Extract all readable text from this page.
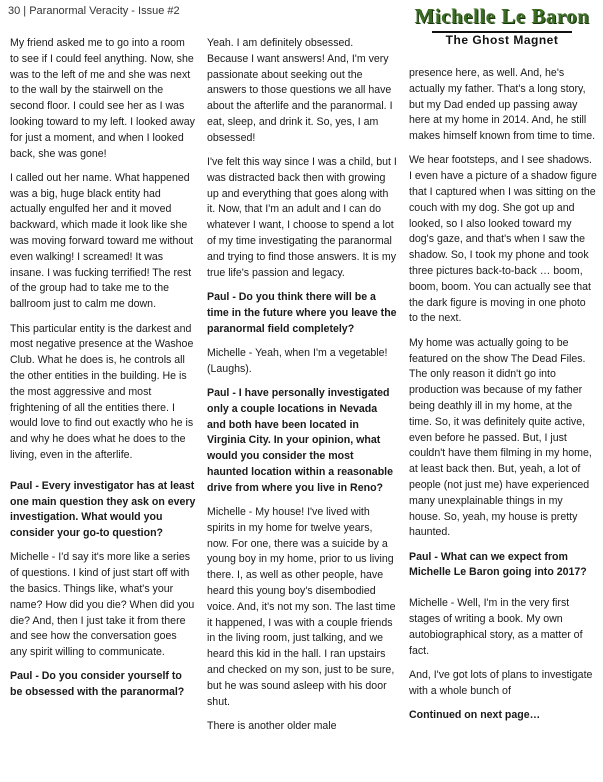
30 | Paranormal Veracity - Issue #2	Michelle Le Baron
The Ghost Magnet

My friend asked me to go into a room to see if I could feel anything. Now, she was to the left of me and she was next to the wall by the stairwell on the second floor. I could see her as I was looking toward to my left. I looked away for just a moment, and when I looked back, she was gone!

I called out her name. What happened was a big, huge black entity had actually engulfed her and it moved backward, which made it look like she was moving forward toward me without even walking! I screamed! It was insane. I was fucking terrified! The rest of the group had to take me to the ballroom just to calm me down.

This particular entity is the darkest and most negative presence at the Washoe Club. What he does is, he controls all the other entities in the building. He is the most aggressive and most frightening of all the entities there. I would love to find out exactly who he is and why he does what he does to the living, even in the afterlife.

Paul - Every investigator has at least one main question they ask on every investigation. What would you consider your go-to question?

Michelle - I'd say it's more like a series of questions. I kind of just start off with the basics. Things like, what's your name? How did you die? When did you die? And, then I just take it from there and see how the conversation goes any spirit willing to communicate.

Paul - Do you consider yourself to be obsessed with the paranormal?

Yeah. I am definitely obsessed. Because I want answers! And, I'm very passionate about seeking out the answers to those questions we all have about the afterlife and the paranormal. I eat, sleep, and drink it. So, yes, I am obsessed!

I've felt this way since I was a child, but I was distracted back then with growing up and everything that goes along with it. Now, that I'm an adult and I can do whatever I want, I choose to spend a lot of my time investigating the paranormal and trying to find those answers. It is my true life's passion and legacy.

Paul - Do you think there will be a time in the future where you leave the paranormal field completely?

Michelle - Yeah, when I'm a vegetable! (Laughs).

Paul - I have personally investigated only a couple locations in Nevada and both have been located in Virginia City. In your opinion, what would you consider the most haunted location within a reasonable drive from where you live in Reno?

Michelle - My house! I've lived with spirits in my home for twelve years, now. For one, there was a suicide by a young boy in my home, prior to us living there. I, as well as other people, have heard this young boy's disembodied voice. And, it's not my son. The last time it happened, I was with a couple friends in the living room, just talking, and we heard this kid in the hall. I ran upstairs and checked on my son, just to be sure, but he was sound asleep with his door shut.

There is another older male

presence here, as well. And, he's actually my father. That's a long story, but my Dad ended up passing away here at my home in 2014. And, he still makes himself known from time to time.

We hear footsteps, and I see shadows. I even have a picture of a shadow figure that I captured when I was sitting on the couch with my dog. She got up and looked, so I also looked toward my dog's gaze, and that's when I saw the shadow. So, I took my phone and took three pictures back-to-back … boom, boom, boom. You can actually see that the dark figure is moving in one photo to the next.

My home was actually going to be featured on the show The Dead Files. The only reason it didn't go into production was because of my father being deathly ill in my home, at the time. So, it was definitely quite active, even before he passed. But, I just couldn't have them filming in my home, at least back then. But, yeah, a lot of people (not just me) have experienced many unexplainable things in my house. So, yeah, my house is pretty haunted.

Paul - What can we expect from Michelle Le Baron going into 2017?

Michelle - Well, I'm in the very first stages of writing a book. My own autobiographical story, as a matter of fact.

And, I've got lots of plans to investigate with a whole bunch of

Continued on next page…
